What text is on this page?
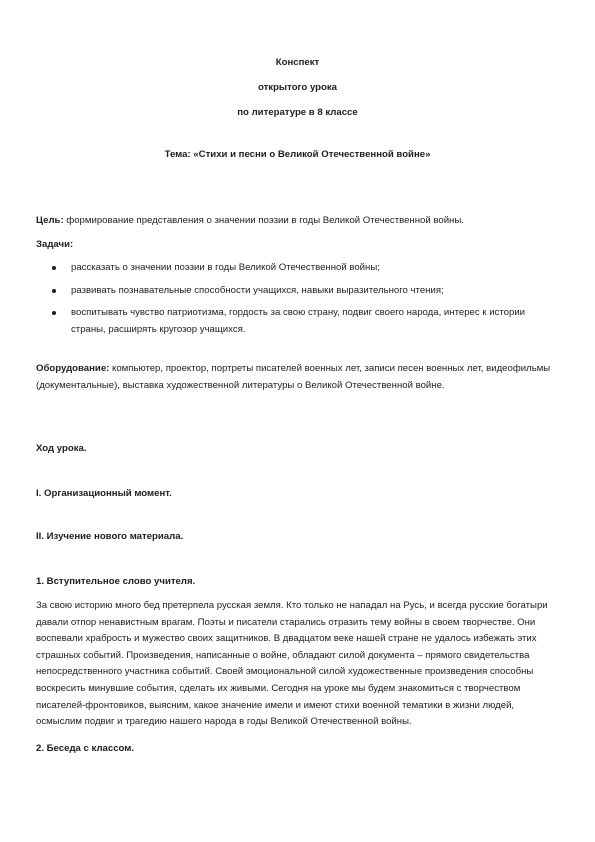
Конспект
открытого урока
по литературе в 8 классе
Тема: «Стихи и песни о Великой Отечественной войне»
Цель: формирование представления о значении поэзии в годы Великой Отечественной войны.
Задачи:
рассказать о значении поэзии в годы Великой Отечественной войны;
развивать познавательные способности учащихся, навыки выразительного чтения;
воспитывать чувство патриотизма, гордость за свою страну, подвиг своего народа, интерес к истории страны, расширять кругозор учащихся.
Оборудование: компьютер, проектор, портреты писателей военных лет, записи песен военных лет, видеофильмы (документальные), выставка художественной литературы о Великой Отечественной войне.
Ход урока.
I. Организационный момент.
II. Изучение нового материала.
1. Вступительное слово учителя.
За свою историю много бед претерпела русская земля. Кто только не нападал на Русь, и всегда русские богатыри давали отпор ненавистным врагам. Поэты и писатели старались отразить тему войны в своем творчестве. Они воспевали храбрость и мужество своих защитников. В двадцатом веке нашей стране не удалось избежать этих страшных событий. Произведения, написанные о войне, обладают силой документа – прямого свидетельства непосредственного участника событий. Своей эмоциональной силой художественные произведения способны воскресить минувшие события, сделать их живыми. Сегодня на уроке мы будем знакомиться с творчеством писателей-фронтовиков, выясним, какое значение имели и имеют стихи военной тематики в жизни людей, осмыслим подвиг и трагедию нашего народа в годы Великой Отечественной войны.
2. Беседа с классом.
